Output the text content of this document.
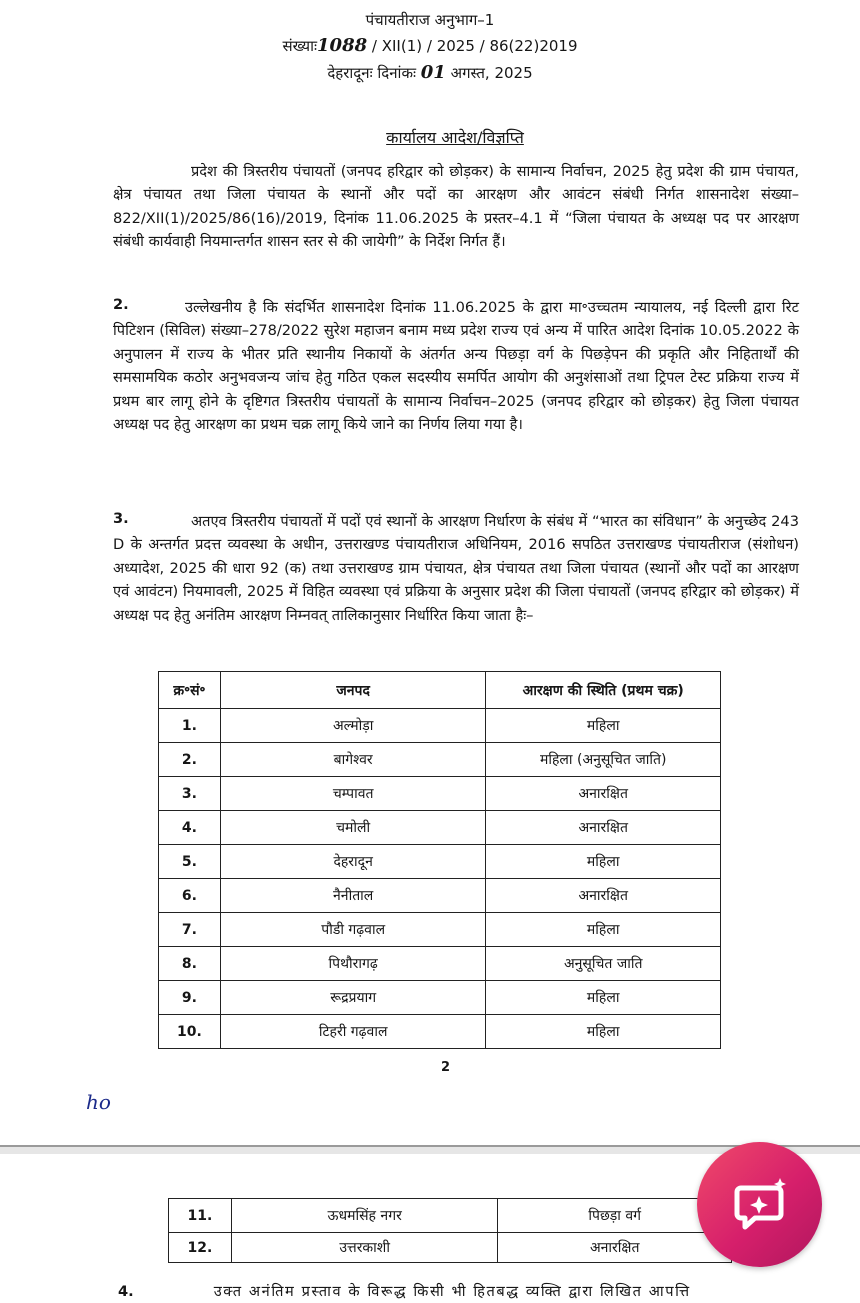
पंचायतीराज अनुभाग–1
संख्याः1088 / XII(1) / 2025 / 86(22)2019
देहरादूनः दिनांकः 01 अगस्त, 2025
कार्यालय आदेश/विज्ञप्ति
प्रदेश की त्रिस्तरीय पंचायतों (जनपद हरिद्वार को छोड़कर) के सामान्य निर्वाचन, 2025 हेतु प्रदेश की ग्राम पंचायत, क्षेत्र पंचायत तथा जिला पंचायत के स्थानों और पदों का आरक्षण और आवंटन संबंधी निर्गत शासनादेश संख्या–822/XII(1)/2025/86(16)/2019, दिनांक 11.06.2025 के प्रस्तर–4.1 में “जिला पंचायत के अध्यक्ष पद पर आरक्षण संबंधी कार्यवाही नियमान्तर्गत शासन स्तर से की जायेगी” के निर्देश निर्गत हैं।
2.	उल्लेखनीय है कि संदर्भित शासनादेश दिनांक 11.06.2025 के द्वारा मा॰उच्चतम न्यायालय, नई दिल्ली द्वारा रिट पिटिशन (सिविल) संख्या–278/2022 सुरेश महाजन बनाम मध्य प्रदेश राज्य एवं अन्य में पारित आदेश दिनांक 10.05.2022 के अनुपालन में राज्य के भीतर प्रति स्थानीय निकायों के अंतर्गत अन्य पिछड़ा वर्ग के पिछड़ेपन की प्रकृति और निहितार्थों की समसामयिक कठोर अनुभवजन्य जांच हेतु गठित एकल सदस्यीय समर्पित आयोग की अनुशंसाओं तथा ट्रिपल टेस्ट प्रक्रिया राज्य में प्रथम बार लागू होने के दृष्टिगत त्रिस्तरीय पंचायतों के सामान्य निर्वाचन–2025 (जनपद हरिद्वार को छोड़कर) हेतु जिला पंचायत अध्यक्ष पद हेतु आरक्षण का प्रथम चक्र लागू किये जाने का निर्णय लिया गया है।
3.	अतएव त्रिस्तरीय पंचायतों में पदों एवं स्थानों के आरक्षण निर्धारण के संबंध में “भारत का संविधान” के अनुच्छेद 243 D के अन्तर्गत प्रदत्त व्यवस्था के अधीन, उत्तराखण्ड पंचायतीराज अधिनियम, 2016 सपठित उत्तराखण्ड पंचायतीराज (संशोधन) अध्यादेश, 2025 की धारा 92 (क) तथा उत्तराखण्ड ग्राम पंचायत, क्षेत्र पंचायत तथा जिला पंचायत (स्थानों और पदों का आरक्षण एवं आवंटन) नियमावली, 2025 में विहित व्यवस्था एवं प्रक्रिया के अनुसार प्रदेश की जिला पंचायतों (जनपद हरिद्वार को छोड़कर) में अध्यक्ष पद हेतु अनंतिम आरक्षण निम्नवत् तालिकानुसार निर्धारित किया जाता हैः–
क्र॰सं॰	जनपद	आरक्षण की स्थिति (प्रथम चक्र)
1.	अल्मोड़ा	महिला
2.	बागेश्वर	महिला (अनुसूचित जाति)
3.	चम्पावत	अनारक्षित
4.	चमोली	अनारक्षित
5.	देहरादून	महिला
6.	नैनीताल	अनारक्षित
7.	पौडी गढ़वाल	महिला
8.	पिथौरागढ़	अनुसूचित जाति
9.	रूद्रप्रयाग	महिला
10.	टिहरी गढ़वाल	महिला
2
ho
11.	ऊधमसिंह नगर	पिछड़ा वर्ग
12.	उत्तरकाशी	अनारक्षित
4.	उक्त अनंतिम प्रस्ताव के विरूद्ध किसी भी हितबद्ध व्यक्ति द्वारा लिखित आपत्ति
